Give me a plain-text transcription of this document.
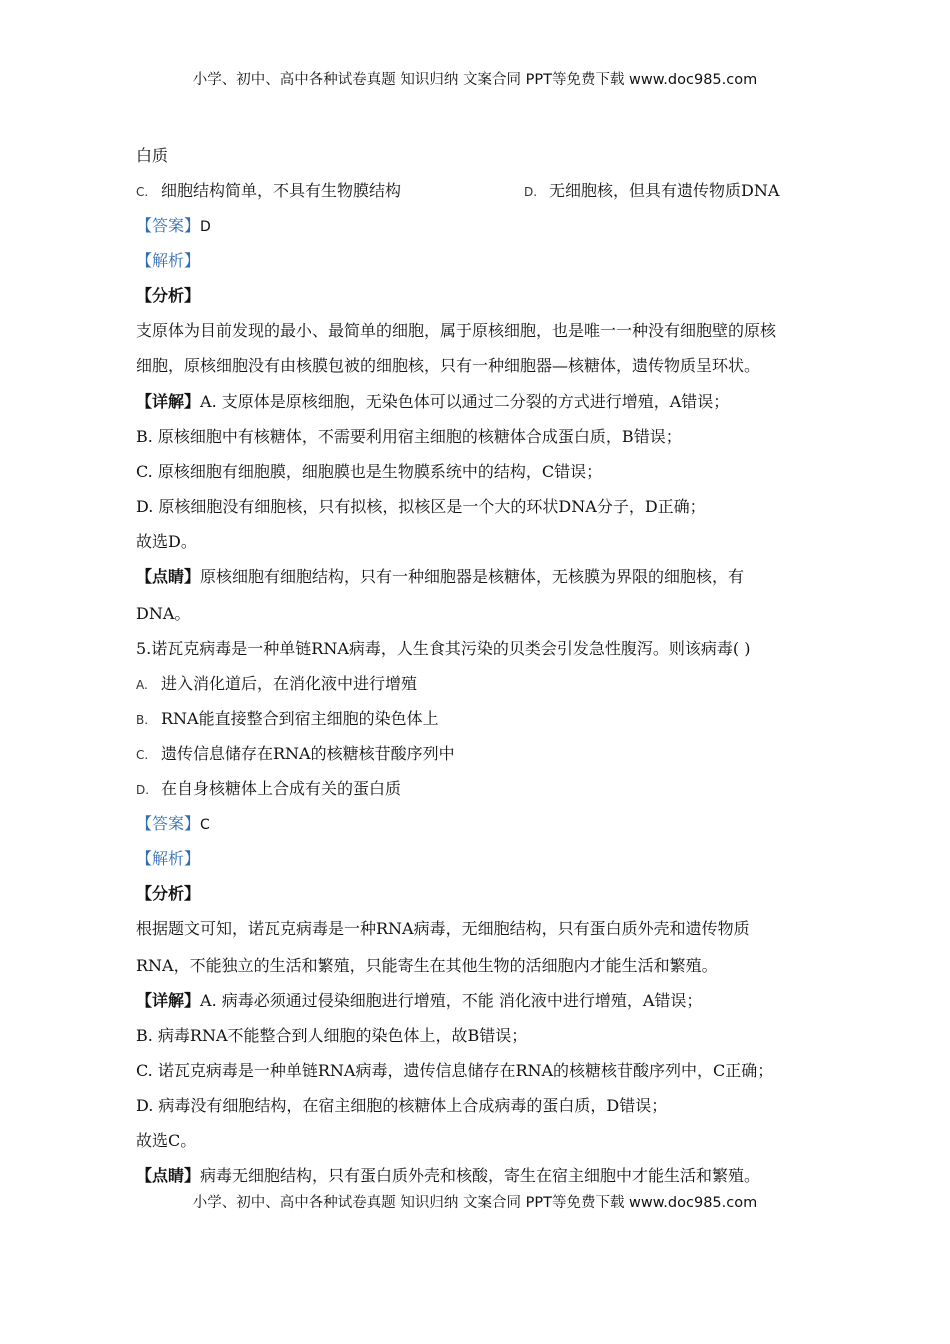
小学、初中、高中各种试卷真题 知识归纳 文案合同 PPT等免费下载 www.doc985.com
白质
C. 细胞结构简单，不具有生物膜结构	D. 无细胞核，但具有遗传物质DNA
【答案】D
【解析】
【分析】
支原体为目前发现的最小、最简单的细胞，属于原核细胞，也是唯一一种没有细胞壁的原核
细胞，原核细胞没有由核膜包被的细胞核，只有一种细胞器—核糖体，遗传物质呈环状。
【详解】A. 支原体是原核细胞，无染色体可以通过二分裂的方式进行增殖，A错误；
B. 原核细胞中有核糖体，不需要利用宿主细胞的核糖体合成蛋白质，B错误；
C. 原核细胞有细胞膜，细胞膜也是生物膜系统中的结构，C错误；
D. 原核细胞没有细胞核，只有拟核，拟核区是一个大的环状DNA分子，D正确；
故选D。
【点睛】原核细胞有细胞结构，只有一种细胞器是核糖体，无核膜为界限的细胞核，有
DNA。
5.诺瓦克病毒是一种单链RNA病毒，人生食其污染的贝类会引发急性腹泻。则该病毒( )
A. 进入消化道后，在消化液中进行增殖
B. RNA能直接整合到宿主细胞的染色体上
C. 遗传信息储存在RNA的核糖核苷酸序列中
D. 在自身核糖体上合成有关的蛋白质
【答案】C
【解析】
【分析】
根据题文可知，诺瓦克病毒是一种RNA病毒，无细胞结构，只有蛋白质外壳和遗传物质
RNA，不能独立的生活和繁殖，只能寄生在其他生物的活细胞内才能生活和繁殖。
【详解】A. 病毒必须通过侵染细胞进行增殖，不能 消化液中进行增殖，A错误；
B. 病毒RNA不能整合到人细胞的染色体上，故B错误；
C. 诺瓦克病毒是一种单链RNA病毒，遗传信息储存在RNA的核糖核苷酸序列中，C正确；
D. 病毒没有细胞结构，在宿主细胞的核糖体上合成病毒的蛋白质，D错误；
故选C。
【点睛】病毒无细胞结构，只有蛋白质外壳和核酸，寄生在宿主细胞中才能生活和繁殖。
小学、初中、高中各种试卷真题 知识归纳 文案合同 PPT等免费下载 www.doc985.com
